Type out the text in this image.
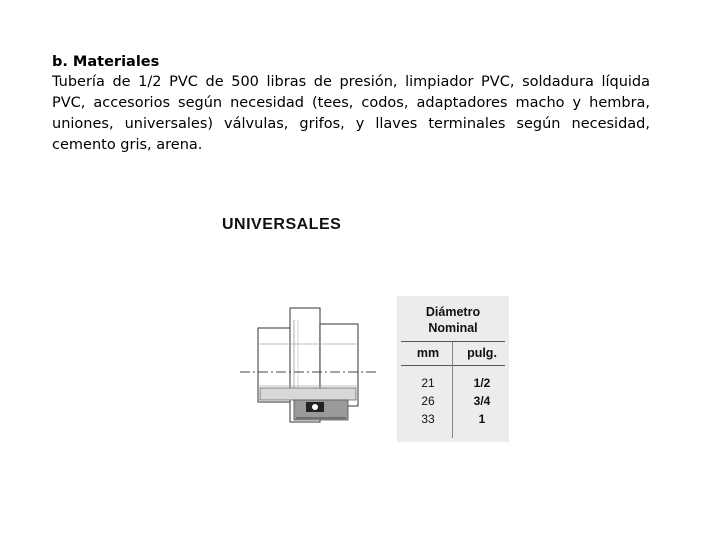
b. Materiales

Tubería de 1/2 PVC de 500 libras de presión, limpiador PVC, soldadura líquida PVC, accesorios según necesidad (tees, codos, adaptadores macho y hembra, uniones, universales) válvulas, grifos, y llaves terminales según necesidad, cemento gris, arena.

UNIVERSALES
Diámetro
Nominal
mm	pulg.
21	1/2
26	3/4
33	1
